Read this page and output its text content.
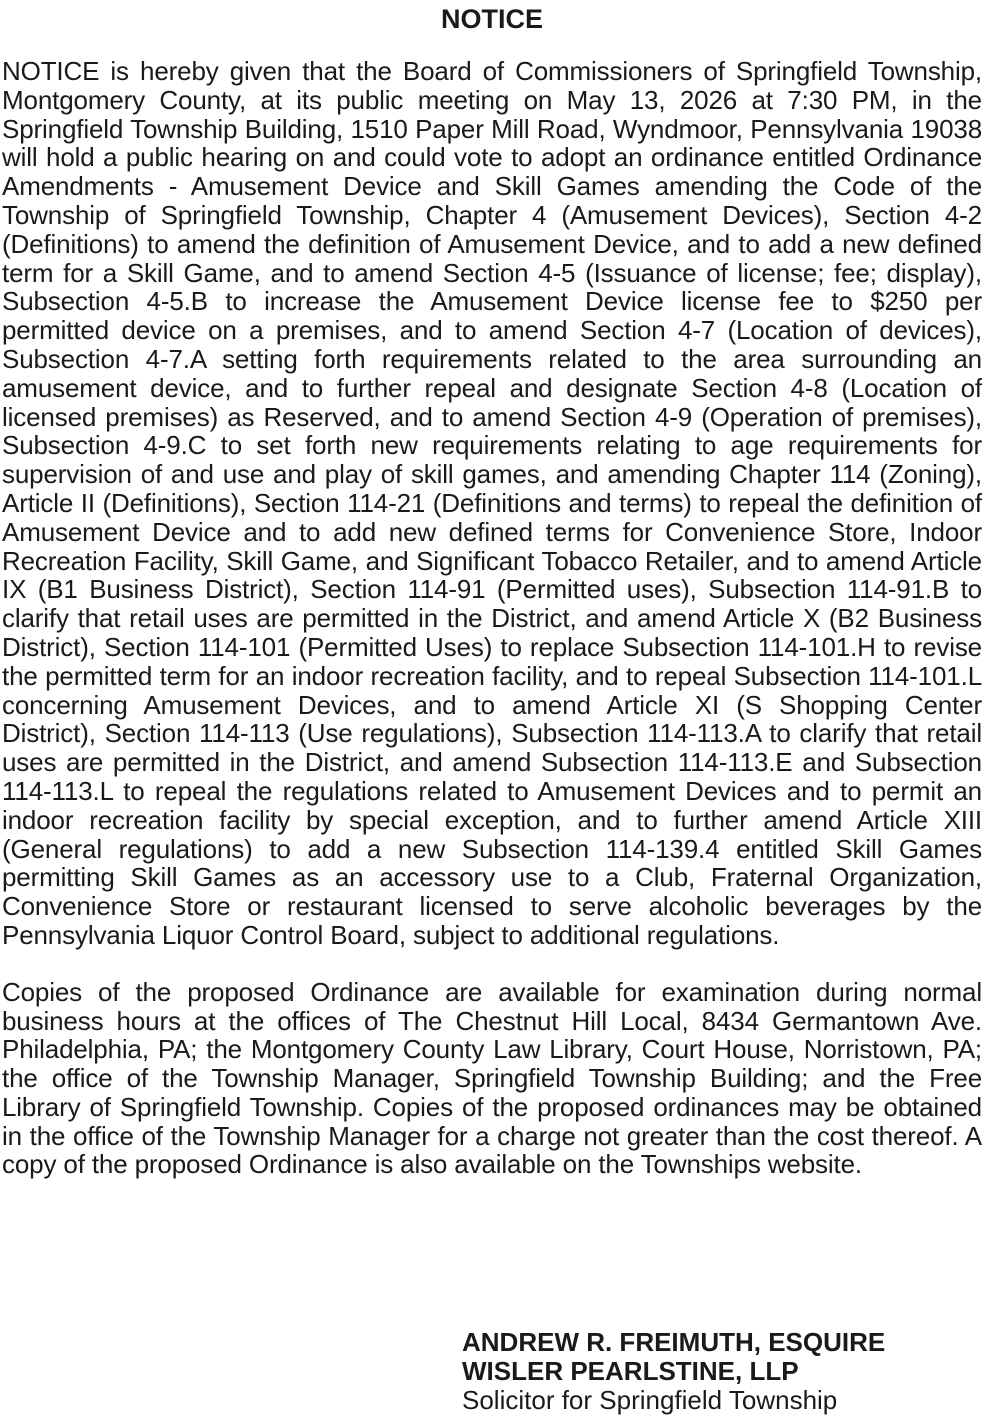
NOTICE

NOTICE is hereby given that the Board of Commissioners of Springfield Township, Montgomery County, at its public meeting on May 13, 2026 at 7:30 PM, in the Springfield Township Building, 1510 Paper Mill Road, Wyndmoor, Pennsylvania 19038 will hold a public hearing on and could vote to adopt an ordinance entitled Ordinance Amendments - Amusement Device and Skill Games amending the Code of the Township of Springfield Township, Chapter 4 (Amusement Devices), Section 4-2 (Definitions) to amend the definition of Amusement Device, and to add a new defined term for a Skill Game, and to amend Section 4-5 (Issuance of license; fee; display), Subsection 4-5.B to increase the Amusement Device license fee to $250 per permitted device on a premises, and to amend Section 4-7 (Location of devices), Subsection 4-7.A setting forth requirements related to the area surrounding an amusement device, and to further repeal and designate Section 4-8 (Location of licensed premises) as Reserved, and to amend Section 4-9 (Operation of premises), Subsection 4-9.C to set forth new requirements relating to age requirements for supervision of and use and play of skill games, and amending Chapter 114 (Zoning), Article II (Definitions), Section 114-21 (Definitions and terms) to repeal the definition of Amusement Device and to add new defined terms for Convenience Store, Indoor Recreation Facility, Skill Game, and Significant Tobacco Retailer, and to amend Article IX (B1 Business District), Section 114-91 (Permitted uses), Subsection 114-91.B to clarify that retail uses are permitted in the District, and amend Article X (B2 Business District), Section 114-101 (Permitted Uses) to replace Subsection 114-101.H to revise the permitted term for an indoor recreation facility, and to repeal Subsection 114-101.L concerning Amusement Devices, and to amend Article XI (S Shopping Center District), Section 114-113 (Use regulations), Subsection 114-113.A to clarify that retail uses are permitted in the District, and amend Subsection 114-113.E and Subsection 114-113.L to repeal the regulations related to Amusement Devices and to permit an indoor recreation facility by special exception, and to further amend Article XIII (General regulations) to add a new Subsection 114-139.4 entitled Skill Games permitting Skill Games as an accessory use to a Club, Fraternal Organization, Convenience Store or restaurant licensed to serve alcoholic beverages by the Pennsylvania Liquor Control Board, subject to additional regulations.

Copies of the proposed Ordinance are available for examination during normal business hours at the offices of The Chestnut Hill Local, 8434 Germantown Ave. Philadelphia, PA; the Montgomery County Law Library, Court House, Norristown, PA; the office of the Township Manager, Springfield Township Building; and the Free Library of Springfield Township. Copies of the proposed ordinances may be obtained in the office of the Township Manager for a charge not greater than the cost thereof. A copy of the proposed Ordinance is also available on the Townships website.

ANDREW R. FREIMUTH, ESQUIRE
WISLER PEARLSTINE, LLP
Solicitor for Springfield Township
